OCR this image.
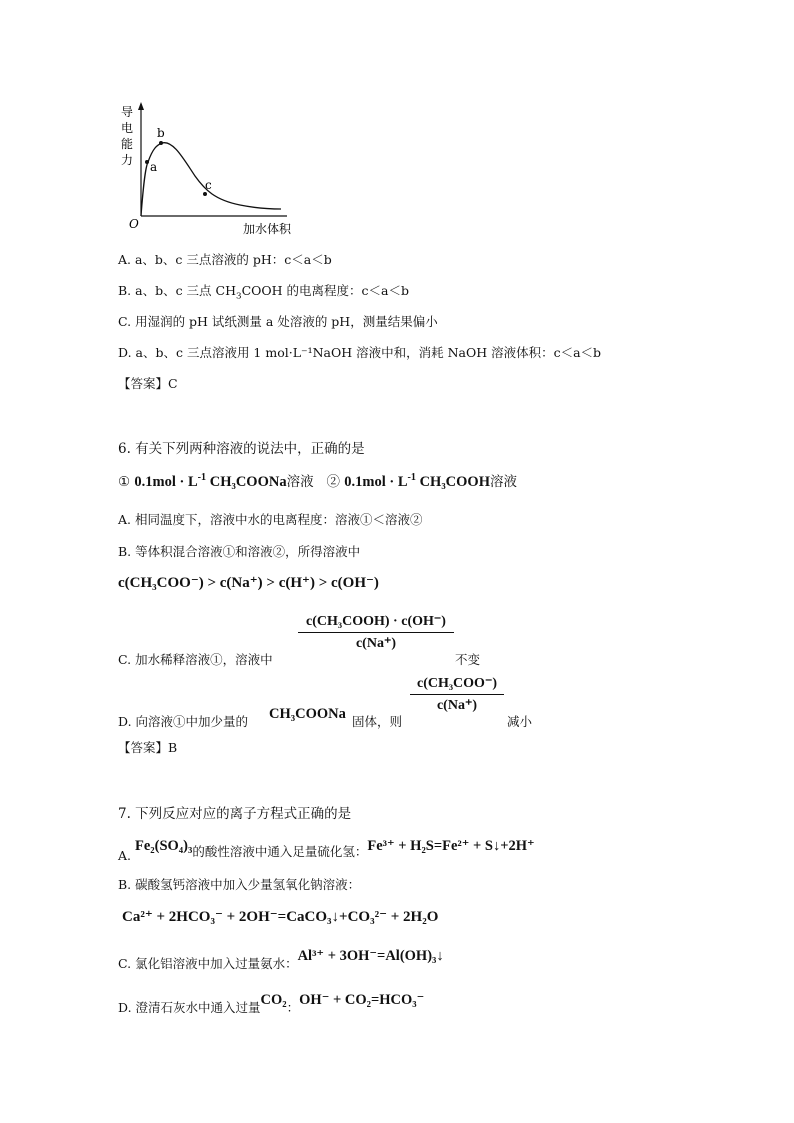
a
b
c
O
导
电
能
力
加水体积
A. a、b、c 三点溶液的 pH：c＜a＜b
B. a、b、c 三点 $CH_3COOH$ 的电离程度：c＜a＜b
C. 用湿润的 pH 试纸测量 a 处溶液的 pH，测量结果偏小
D. a、b、c 三点溶液用 1 mol·L⁻¹NaOH 溶液中和，消耗 NaOH 溶液体积：c＜a＜b
【答案】C
6. 有关下列两种溶液的说法中，正确的是
① $0.1mol \cdot L^{-1}$ CH₃COONa溶液 ② $0.1mol \cdot L^{-1}$ CH₃COOH溶液
A. 相同温度下，溶液中水的电离程度：溶液①＜溶液②
B. 等体积混合溶液①和溶液②，所得溶液中
c(CH₃COO⁻) > c(Na⁺) > c(H⁺) > c(OH⁻)
C. 加水稀释溶液①，溶液中
c(CH₃COOH) · c(OH⁻)
c(Na⁺)
不变
D. 向溶液①中加少量的 CH₃COONa 固体，则
c(CH₃COO⁻)
c(Na⁺)
减小
【答案】B
7. 下列反应对应的离子方程式正确的是
A. Fe₂(SO₄)₃的酸性溶液中通入足量硫化氢：Fe³⁺ + H₂S=Fe²⁺ + S↓+2H⁺
B. 碳酸氢钙溶液中加入少量氢氧化钠溶液：
Ca²⁺ + 2HCO₃⁻ + 2OH⁻=CaCO₃↓+CO₃²⁻ + 2H₂O
C. 氯化铝溶液中加入过量氨水：Al³⁺ + 3OH⁻=Al(OH)₃↓
D. 澄清石灰水中通入过量CO₂：OH⁻ + CO₂=HCO₃⁻
